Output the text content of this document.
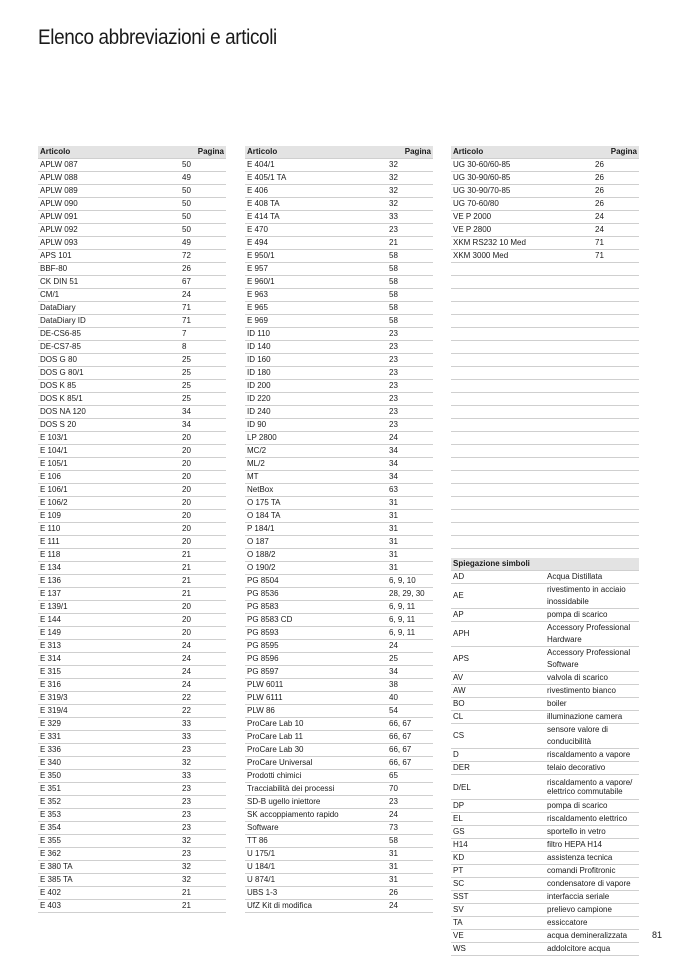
Elenco abbreviazioni e articoli
Articolo	Pagina
APLW 087	50
APLW 088	49
APLW 089	50
APLW 090	50
APLW 091	50
APLW 092	50
APLW 093	49
APS 101	72
BBF-80	26
CK DIN 51	67
CM/1	24
DataDiary	71
DataDiary ID	71
DE-CS6-85	7
DE-CS7-85	8
DOS G 80	25
DOS G 80/1	25
DOS K 85	25
DOS K 85/1	25
DOS NA 120	34
DOS S 20	34
E 103/1	20
E 104/1	20
E 105/1	20
E 106	20
E 106/1	20
E 106/2	20
E 109	20
E 110	20
E 111	20
E 118	21
E 134	21
E 136	21
E 137	21
E 139/1	20
E 144	20
E 149	20
E 313	24
E 314	24
E 315	24
E 316	24
E 319/3	22
E 319/4	22
E 329	33
E 331	33
E 336	23
E 340	32
E 350	33
E 351	23
E 352	23
E 353	23
E 354	23
E 355	32
E 362	23
E 380 TA	32
E 385 TA	32
E 402	21
E 403	21
Articolo	Pagina
E 404/1	32
E 405/1 TA	32
E 406	32
E 408 TA	32
E 414 TA	33
E 470	23
E 494	21
E 950/1	58
E 957	58
E 960/1	58
E 963	58
E 965	58
E 969	58
ID 110	23
ID 140	23
ID 160	23
ID 180	23
ID 200	23
ID 220	23
ID 240	23
ID 90	23
LP 2800	24
MC/2	34
ML/2	34
MT	34
NetBox	63
O 175 TA	31
O 184 TA	31
P 184/1	31
O 187	31
O 188/2	31
O 190/2	31
PG 8504	6, 9, 10
PG 8536	28, 29, 30
PG 8583	6, 9, 11
PG 8583 CD	6, 9, 11
PG 8593	6, 9, 11
PG 8595	24
PG 8596	25
PG 8597	34
PLW 6011	38
PLW 6111	40
PLW 86	54
ProCare Lab 10	66, 67
ProCare Lab 11	66, 67
ProCare Lab 30	66, 67
ProCare Universal	66, 67
Prodotti chimici	65
Tracciabilità dei processi	70
SD-B ugello iniettore	23
SK accoppiamento rapido	24
Software	73
TT 86	58
U 175/1	31
U 184/1	31
U 874/1	31
UBS 1-3	26
UfZ Kit di modifica	24
Articolo	Pagina
UG 30-60/60-85	26
UG 30-90/60-85	26
UG 30-90/70-85	26
UG 70-60/80	26
VE P 2000	24
VE P 2800	24
XKM RS232 10 Med	71
XKM 3000 Med	71

Spiegazione simboli	
AD	Acqua Distillata
AE	rivestimento in acciaio inossidabile
AP	pompa di scarico
APH	Accessory Professional Hardware
APS	Accessory Professional Software
AV	valvola di scarico
AW	rivestimento bianco
BO	boiler
CL	illuminazione camera
CS	sensore valore di conducibilità
D	riscaldamento a vapore
DER	telaio decorativo
D/EL	riscaldamento a vapore/ elettrico commutabile
DP	pompa di scarico
EL	riscaldamento elettrico
GS	sportello in vetro
H14	filtro HEPA H14
KD	assistenza tecnica
PT	comandi Profitronic
SC	condensatore di vapore
SST	interfaccia seriale
SV	prelievo campione
TA	essiccatore
VE	acqua demineralizzata
WS	addolcitore acqua
81
